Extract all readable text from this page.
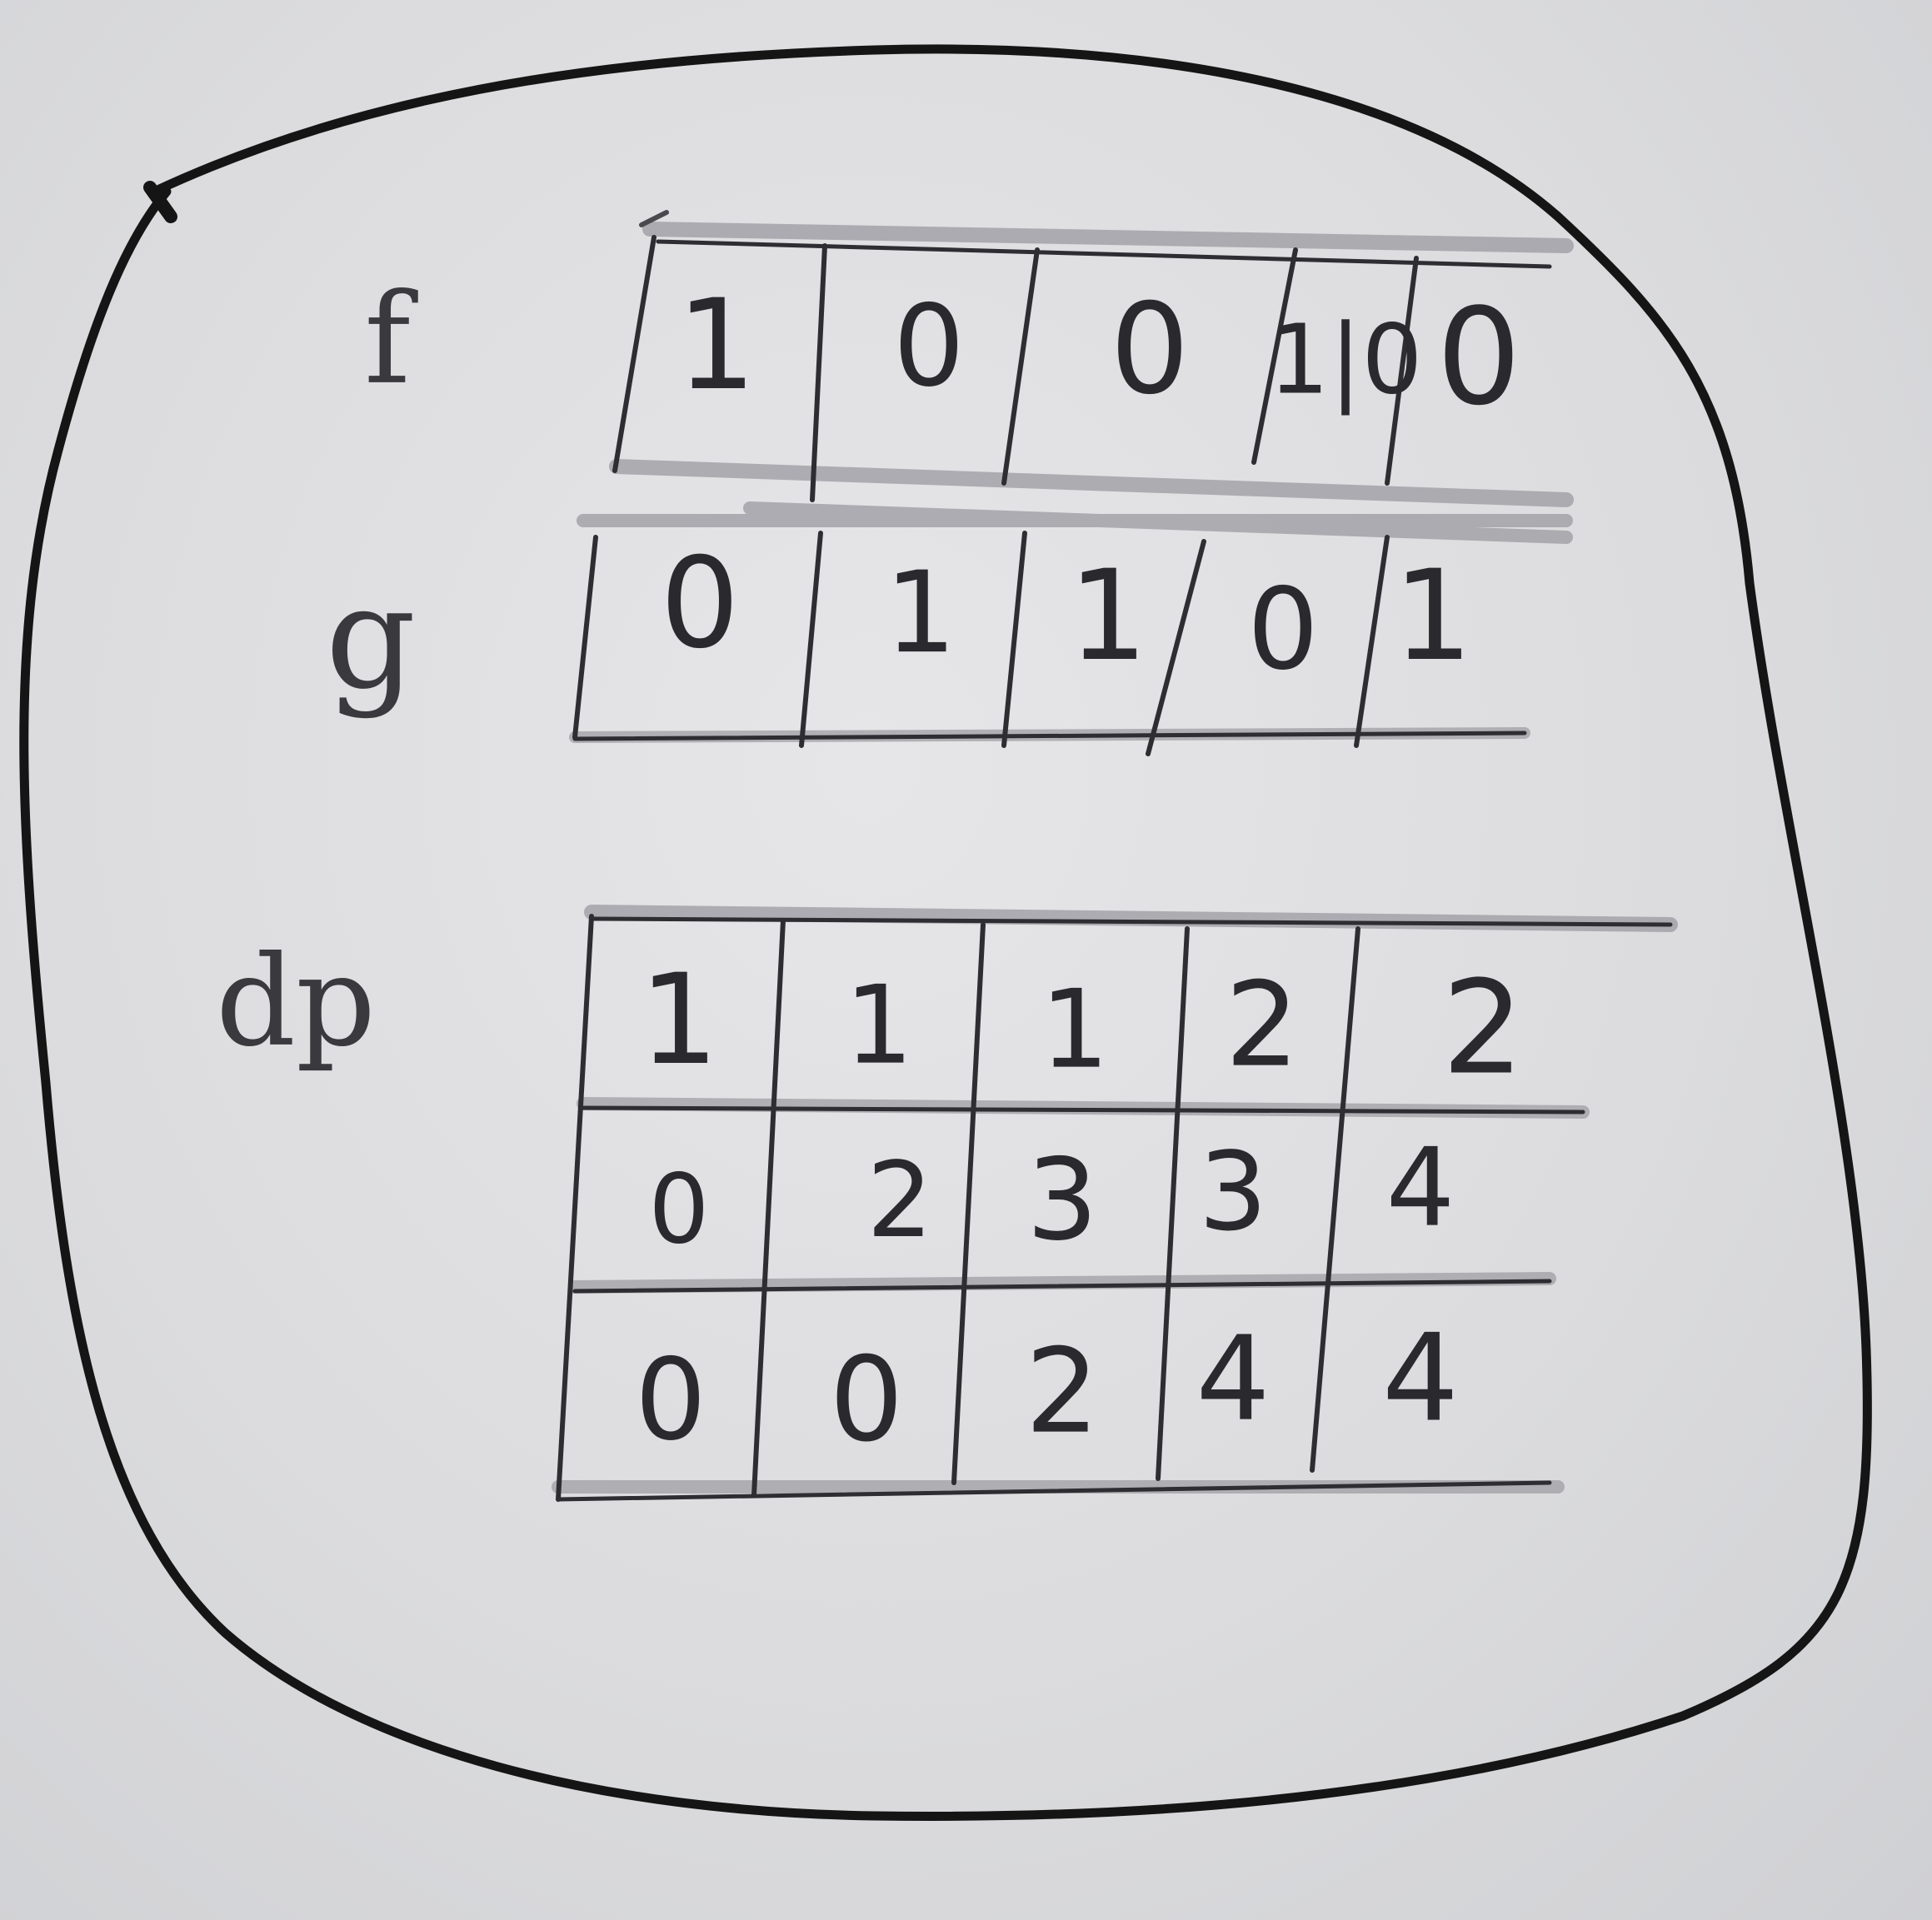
f 1 0 0 1|0 0
g 0 1 1 0 1
dp 1 1 1 2 2
0 2 3 3 4
0 0 2 4 4
